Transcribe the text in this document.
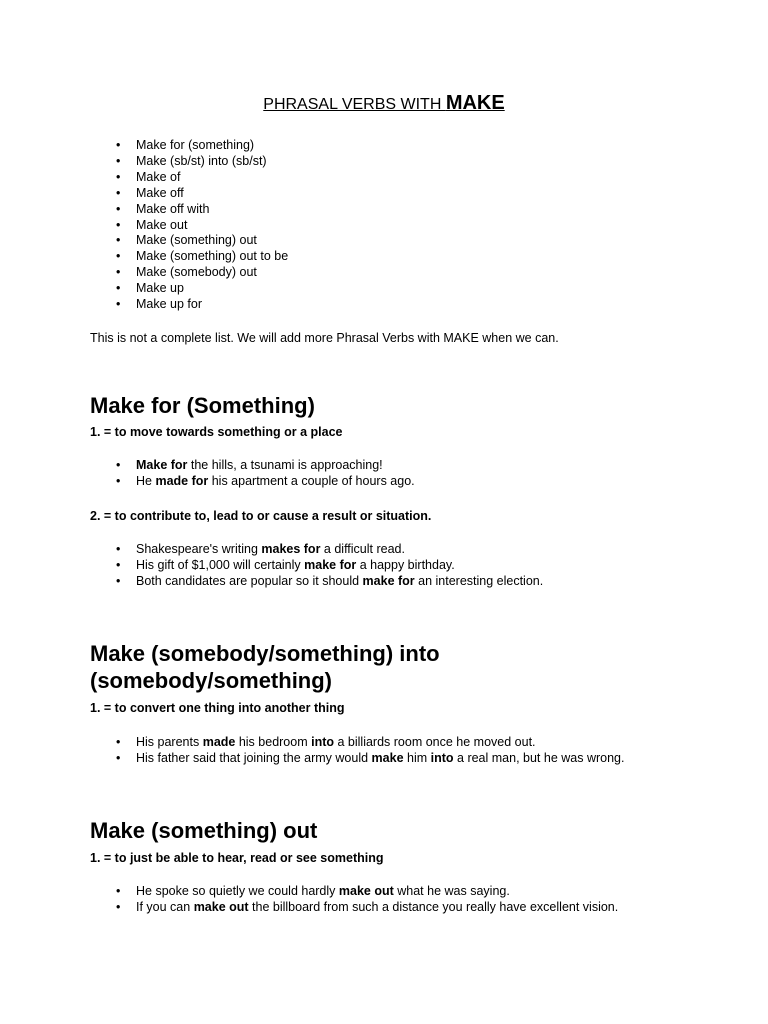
PHRASAL VERBS WITH MAKE
• Make for (something)
• Make (sb/st) into (sb/st)
• Make of
• Make off
• Make off with
• Make out
• Make (something) out
• Make (something) out to be
• Make (somebody) out
• Make up
• Make up for
This is not a complete list. We will add more Phrasal Verbs with MAKE when we can.
Make for (Something)
1. = to move towards something or a place
• Make for the hills, a tsunami is approaching!
• He made for his apartment a couple of hours ago.
2. = to contribute to, lead to or cause a result or situation.
• Shakespeare's writing makes for a difficult read.
• His gift of $1,000 will certainly make for a happy birthday.
• Both candidates are popular so it should make for an interesting election.
Make (somebody/something) into
(somebody/something)
1. = to convert one thing into another thing
• His parents made his bedroom into a billiards room once he moved out.
• His father said that joining the army would make him into a real man, but he was wrong.
Make (something) out
1. = to just be able to hear, read or see something
• He spoke so quietly we could hardly make out what he was saying.
• If you can make out the billboard from such a distance you really have excellent vision.
